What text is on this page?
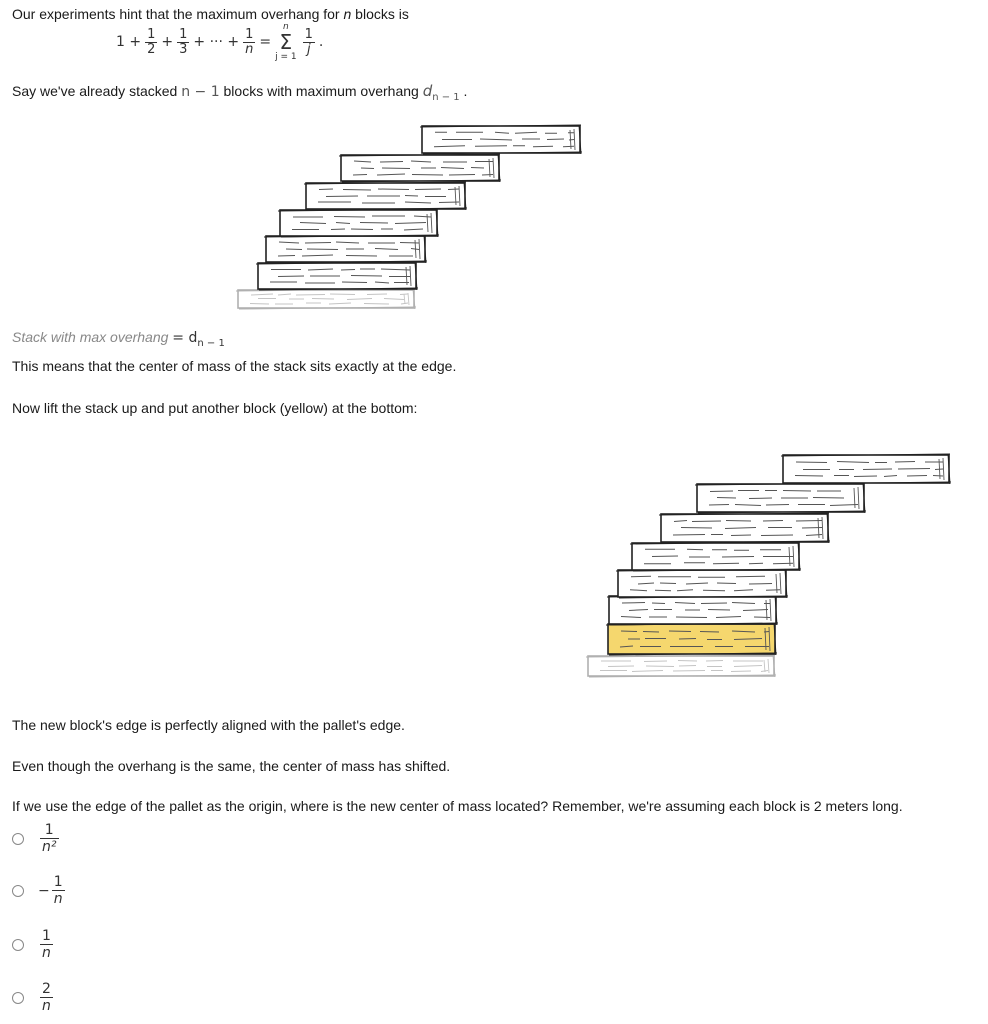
Our experiments hint that the maximum overhang for n blocks is
$1 + \frac{1}{2} + \frac{1}{3}$ + ··· + $\frac{1}{n}$ =
n
Σ
j = 1
$\frac{1}{j}$ .
Say we've already stacked n − 1 blocks with maximum overhang $d_{n - 1}$ .
Stack with max overhang = $d_{n - 1}$
This means that the center of mass of the stack sits exactly at the edge.
Now lift the stack up and put another block (yellow) at the bottom:
The new block's edge is perfectly aligned with the pallet's edge.
Even though the overhang is the same, the center of mass has shifted.
If we use the edge of the pallet as the origin, where is the new center of mass located? Remember, we're assuming each block is 2 meters long.
$\frac{1}{\text{n²}}$
− $\frac{1}{n}$
$\frac{1}{n}$
$\frac{2}{n}$
